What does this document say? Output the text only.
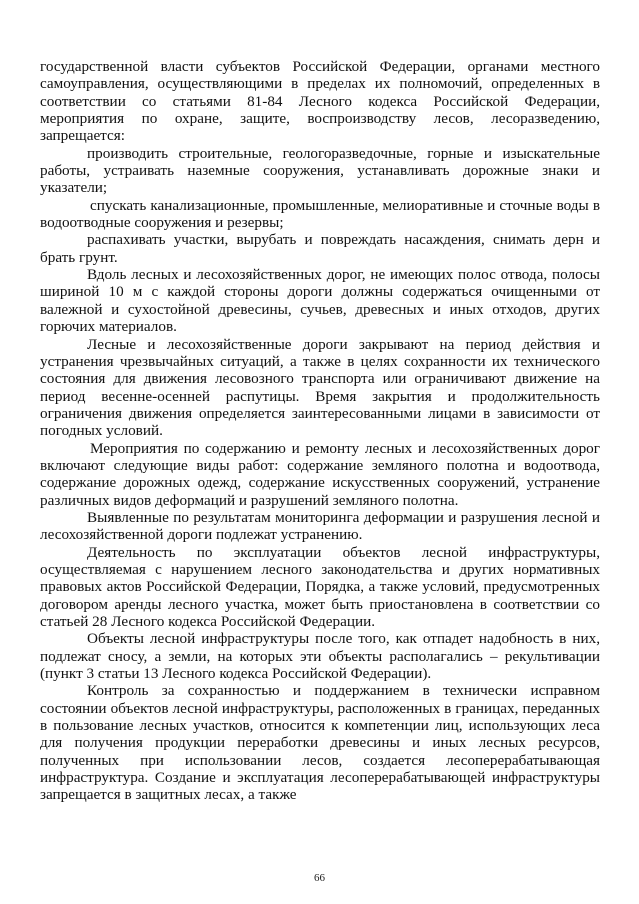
государственной власти субъектов Российской Федерации, органами местного самоуправления, осуществляющими в пределах их полномочий, определенных в соответствии со статьями 81-84 Лесного кодекса Российской Федерации, мероприятия по охране, защите, воспроизводству лесов, лесоразведению, запрещается:

производить строительные, геологоразведочные, горные и изыскательные работы, устраивать наземные сооружения, устанавливать дорожные знаки и указатели;

спускать канализационные, промышленные, мелиоративные и сточные воды в водоотводные сооружения и резервы;

распахивать участки, вырубать и повреждать насаждения, снимать дерн и брать грунт.

Вдоль лесных и лесохозяйственных дорог, не имеющих полос отвода, полосы шириной 10 м с каждой стороны дороги должны содержаться очищенными от валежной и сухостойной древесины, сучьев, древесных и иных отходов, других горючих материалов.

Лесные и лесохозяйственные дороги закрывают на период действия и устранения чрезвычайных ситуаций, а также в целях сохранности их технического состояния для движения лесовозного транспорта или ограничивают движение на период весенне-осенней распутицы. Время закрытия и продолжительность ограничения движения определяется заинтересованными лицами в зависимости от погодных условий.

Мероприятия по содержанию и ремонту лесных и лесохозяйственных дорог включают следующие виды работ: содержание земляного полотна и водоотвода, содержание дорожных одежд, содержание искусственных сооружений, устранение различных видов деформаций и разрушений земляного полотна.

Выявленные по результатам мониторинга деформации и разрушения лесной и лесохозяйственной дороги подлежат устранению.

Деятельность по эксплуатации объектов лесной инфраструктуры, осуществляемая с нарушением лесного законодательства и других нормативных правовых актов Российской Федерации, Порядка, а также условий, предусмотренных договором аренды лесного участка, может быть приостановлена в соответствии со статьей 28 Лесного кодекса Российской Федерации.

Объекты лесной инфраструктуры после того, как отпадет надобность в них, подлежат сносу, а земли, на которых эти объекты располагались – рекультивации (пункт 3 статьи 13 Лесного кодекса Российской Федерации).

Контроль за сохранностью и поддержанием в технически исправном состоянии объектов лесной инфраструктуры, расположенных в границах, переданных в пользование лесных участков, относится к компетенции лиц, использующих леса для получения продукции переработки древесины и иных лесных ресурсов, полученных при использовании лесов, создается лесоперерабатывающая инфраструктура. Создание и эксплуатация лесоперерабатывающей инфраструктуры запрещается в защитных лесах, а также

66
